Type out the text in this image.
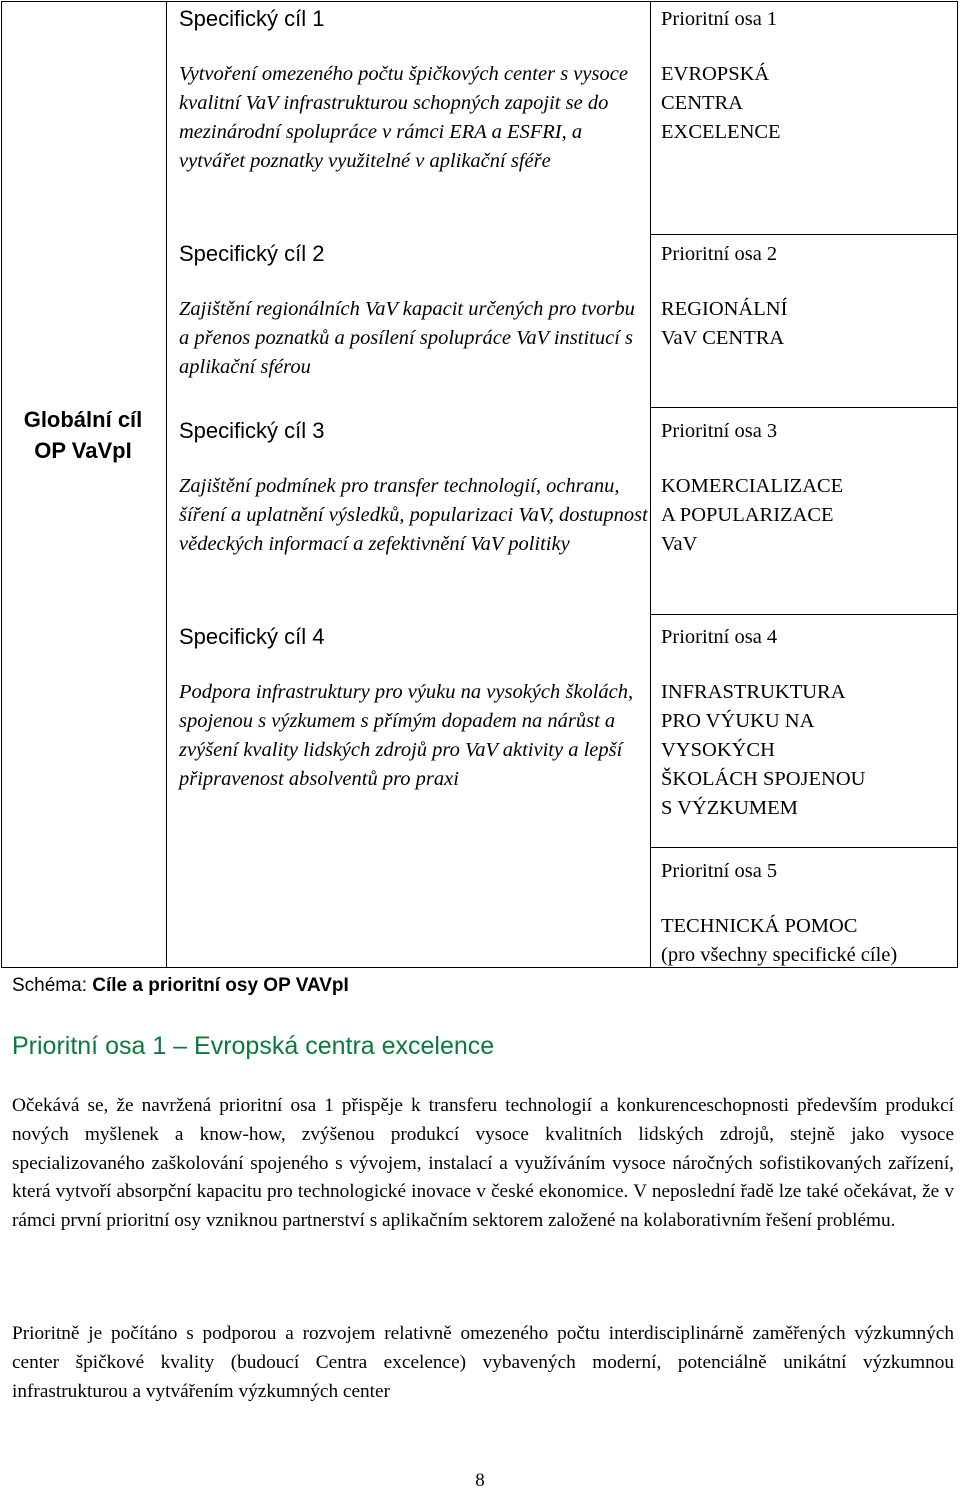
Globální cíl
OP VaVpI
Specifický cíl 1
Vytvoření omezeného počtu špičkových center s vysoce kvalitní VaV infrastrukturou schopných zapojit se do mezinárodní spolupráce v rámci ERA a ESFRI, a vytvářet poznatky využitelné v aplikační sféře
Specifický cíl 2
Zajištění regionálních VaV kapacit určených pro tvorbu a přenos poznatků a posílení spolupráce VaV institucí s aplikační sférou
Specifický cíl 3
Zajištění podmínek pro transfer technologií, ochranu, šíření a uplatnění výsledků, popularizaci VaV, dostupnost vědeckých informací a zefektivnění VaV politiky
Specifický cíl 4
Podpora infrastruktury pro výuku na vysokých školách, spojenou s výzkumem s přímým dopadem na nárůst a zvýšení kvality lidských zdrojů pro VaV aktivity a lepší připravenost absolventů pro praxi
Prioritní osa 1
EVROPSKÁ
CENTRA
EXCELENCE
Prioritní osa 2
REGIONÁLNÍ
VaV CENTRA
Prioritní osa 3
KOMERCIALIZACE
A POPULARIZACE
VaV
Prioritní osa 4
INFRASTRUKTURA
PRO VÝUKU NA
VYSOKÝCH
ŠKOLÁCH SPOJENOU
S VÝZKUMEM
Prioritní osa 5
TECHNICKÁ POMOC
(pro všechny specifické cíle)
Schéma: Cíle a prioritní osy OP VAVpI
Prioritní osa 1 – Evropská centra excelence
Očekává se, že navržená prioritní osa 1 přispěje k transferu technologií a konkurenceschopnosti především produkcí nových myšlenek a know-how, zvýšenou produkcí vysoce kvalitních lidských zdrojů, stejně jako vysoce specializovaného zaškolování spojeného s vývojem, instalací a využíváním vysoce náročných sofistikovaných zařízení, která vytvoří absorpční kapacitu pro technologické inovace v české ekonomice. V neposlední řadě lze také očekávat, že v rámci první prioritní osy vzniknou partnerství s aplikačním sektorem založené na kolaborativním řešení problému.
Prioritně je počítáno s podporou a rozvojem relativně omezeného počtu interdisciplinárně zaměřených výzkumných center špičkové kvality (budoucí Centra excelence) vybavených moderní, potenciálně unikátní výzkumnou infrastrukturou a vytvářením výzkumných center
8
